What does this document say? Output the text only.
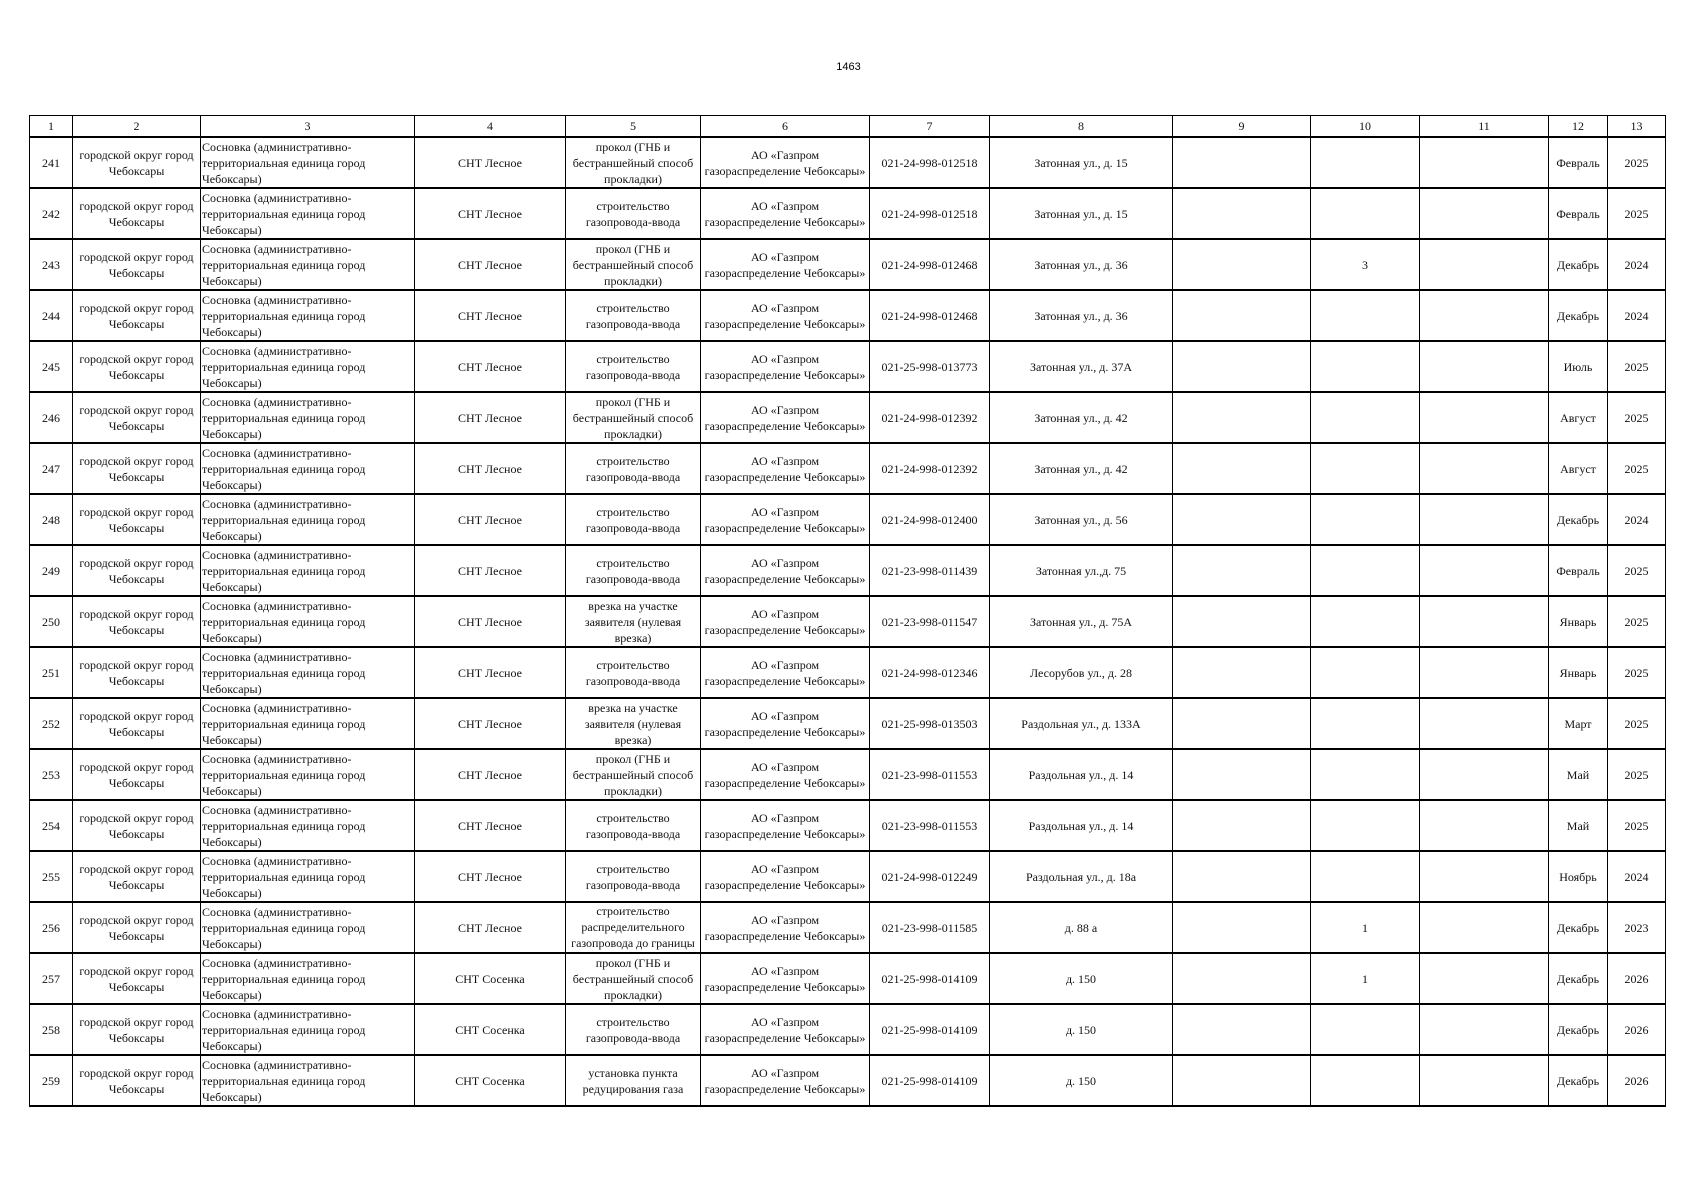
1463
1	2	3	4	5	6	7	8	9	10	11	12	13

241	городской округ город Чебоксары	Сосновка (административно-территориальная единица город Чебоксары)	СНТ Лесное	прокол (ГНБ и бестраншейный способ прокладки)	АО «Газпром газораспределение Чебоксары»	021-24-998-012518	Затонная ул., д. 15				Февраль	2025

242	городской округ город Чебоксары	Сосновка (административно-территориальная единица город Чебоксары)	СНТ Лесное	строительство газопровода-ввода	АО «Газпром газораспределение Чебоксары»	021-24-998-012518	Затонная ул., д. 15				Февраль	2025

243	городской округ город Чебоксары	Сосновка (административно-территориальная единица город Чебоксары)	СНТ Лесное	прокол (ГНБ и бестраншейный способ прокладки)	АО «Газпром газораспределение Чебоксары»	021-24-998-012468	Затонная ул., д. 36		3		Декабрь	2024

244	городской округ город Чебоксары	Сосновка (административно-территориальная единица город Чебоксары)	СНТ Лесное	строительство газопровода-ввода	АО «Газпром газораспределение Чебоксары»	021-24-998-012468	Затонная ул., д. 36				Декабрь	2024

245	городской округ город Чебоксары	Сосновка (административно-территориальная единица город Чебоксары)	СНТ Лесное	строительство газопровода-ввода	АО «Газпром газораспределение Чебоксары»	021-25-998-013773	Затонная ул., д. 37А				Июль	2025

246	городской округ город Чебоксары	Сосновка (административно-территориальная единица город Чебоксары)	СНТ Лесное	прокол (ГНБ и бестраншейный способ прокладки)	АО «Газпром газораспределение Чебоксары»	021-24-998-012392	Затонная ул., д. 42				Август	2025

247	городской округ город Чебоксары	Сосновка (административно-территориальная единица город Чебоксары)	СНТ Лесное	строительство газопровода-ввода	АО «Газпром газораспределение Чебоксары»	021-24-998-012392	Затонная ул., д. 42				Август	2025

248	городской округ город Чебоксары	Сосновка (административно-территориальная единица город Чебоксары)	СНТ Лесное	строительство газопровода-ввода	АО «Газпром газораспределение Чебоксары»	021-24-998-012400	Затонная ул., д. 56				Декабрь	2024

249	городской округ город Чебоксары	Сосновка (административно-территориальная единица город Чебоксары)	СНТ Лесное	строительство газопровода-ввода	АО «Газпром газораспределение Чебоксары»	021-23-998-011439	Затонная ул.,д. 75				Февраль	2025

250	городской округ город Чебоксары	Сосновка (административно-территориальная единица город Чебоксары)	СНТ Лесное	врезка на участке заявителя (нулевая врезка)	АО «Газпром газораспределение Чебоксары»	021-23-998-011547	Затонная ул., д. 75А				Январь	2025

251	городской округ город Чебоксары	Сосновка (административно-территориальная единица город Чебоксары)	СНТ Лесное	строительство газопровода-ввода	АО «Газпром газораспределение Чебоксары»	021-24-998-012346	Лесорубов ул., д. 28				Январь	2025

252	городской округ город Чебоксары	Сосновка (административно-территориальная единица город Чебоксары)	СНТ Лесное	врезка на участке заявителя (нулевая врезка)	АО «Газпром газораспределение Чебоксары»	021-25-998-013503	Раздольная ул., д. 133А				Март	2025

253	городской округ город Чебоксары	Сосновка (административно-территориальная единица город Чебоксары)	СНТ Лесное	прокол (ГНБ и бестраншейный способ прокладки)	АО «Газпром газораспределение Чебоксары»	021-23-998-011553	Раздольная ул., д. 14				Май	2025

254	городской округ город Чебоксары	Сосновка (административно-территориальная единица город Чебоксары)	СНТ Лесное	строительство газопровода-ввода	АО «Газпром газораспределение Чебоксары»	021-23-998-011553	Раздольная ул., д. 14				Май	2025

255	городской округ город Чебоксары	Сосновка (административно-территориальная единица город Чебоксары)	СНТ Лесное	строительство газопровода-ввода	АО «Газпром газораспределение Чебоксары»	021-24-998-012249	Раздольная ул., д. 18а				Ноябрь	2024

256	городской округ город Чебоксары	Сосновка (административно-территориальная единица город Чебоксары)	СНТ Лесное	строительство распределительного газопровода до границы	АО «Газпром газораспределение Чебоксары»	021-23-998-011585	д. 88 а		1		Декабрь	2023

257	городской округ город Чебоксары	Сосновка (административно-территориальная единица город Чебоксары)	СНТ Сосенка	прокол (ГНБ и бестраншейный способ прокладки)	АО «Газпром газораспределение Чебоксары»	021-25-998-014109	д. 150		1		Декабрь	2026

258	городской округ город Чебоксары	Сосновка (административно-территориальная единица город Чебоксары)	СНТ Сосенка	строительство газопровода-ввода	АО «Газпром газораспределение Чебоксары»	021-25-998-014109	д. 150				Декабрь	2026

259	городской округ город Чебоксары	Сосновка (административно-территориальная единица город Чебоксары)	СНТ Сосенка	установка пункта редуцирования газа	АО «Газпром газораспределение Чебоксары»	021-25-998-014109	д. 150				Декабрь	2026
